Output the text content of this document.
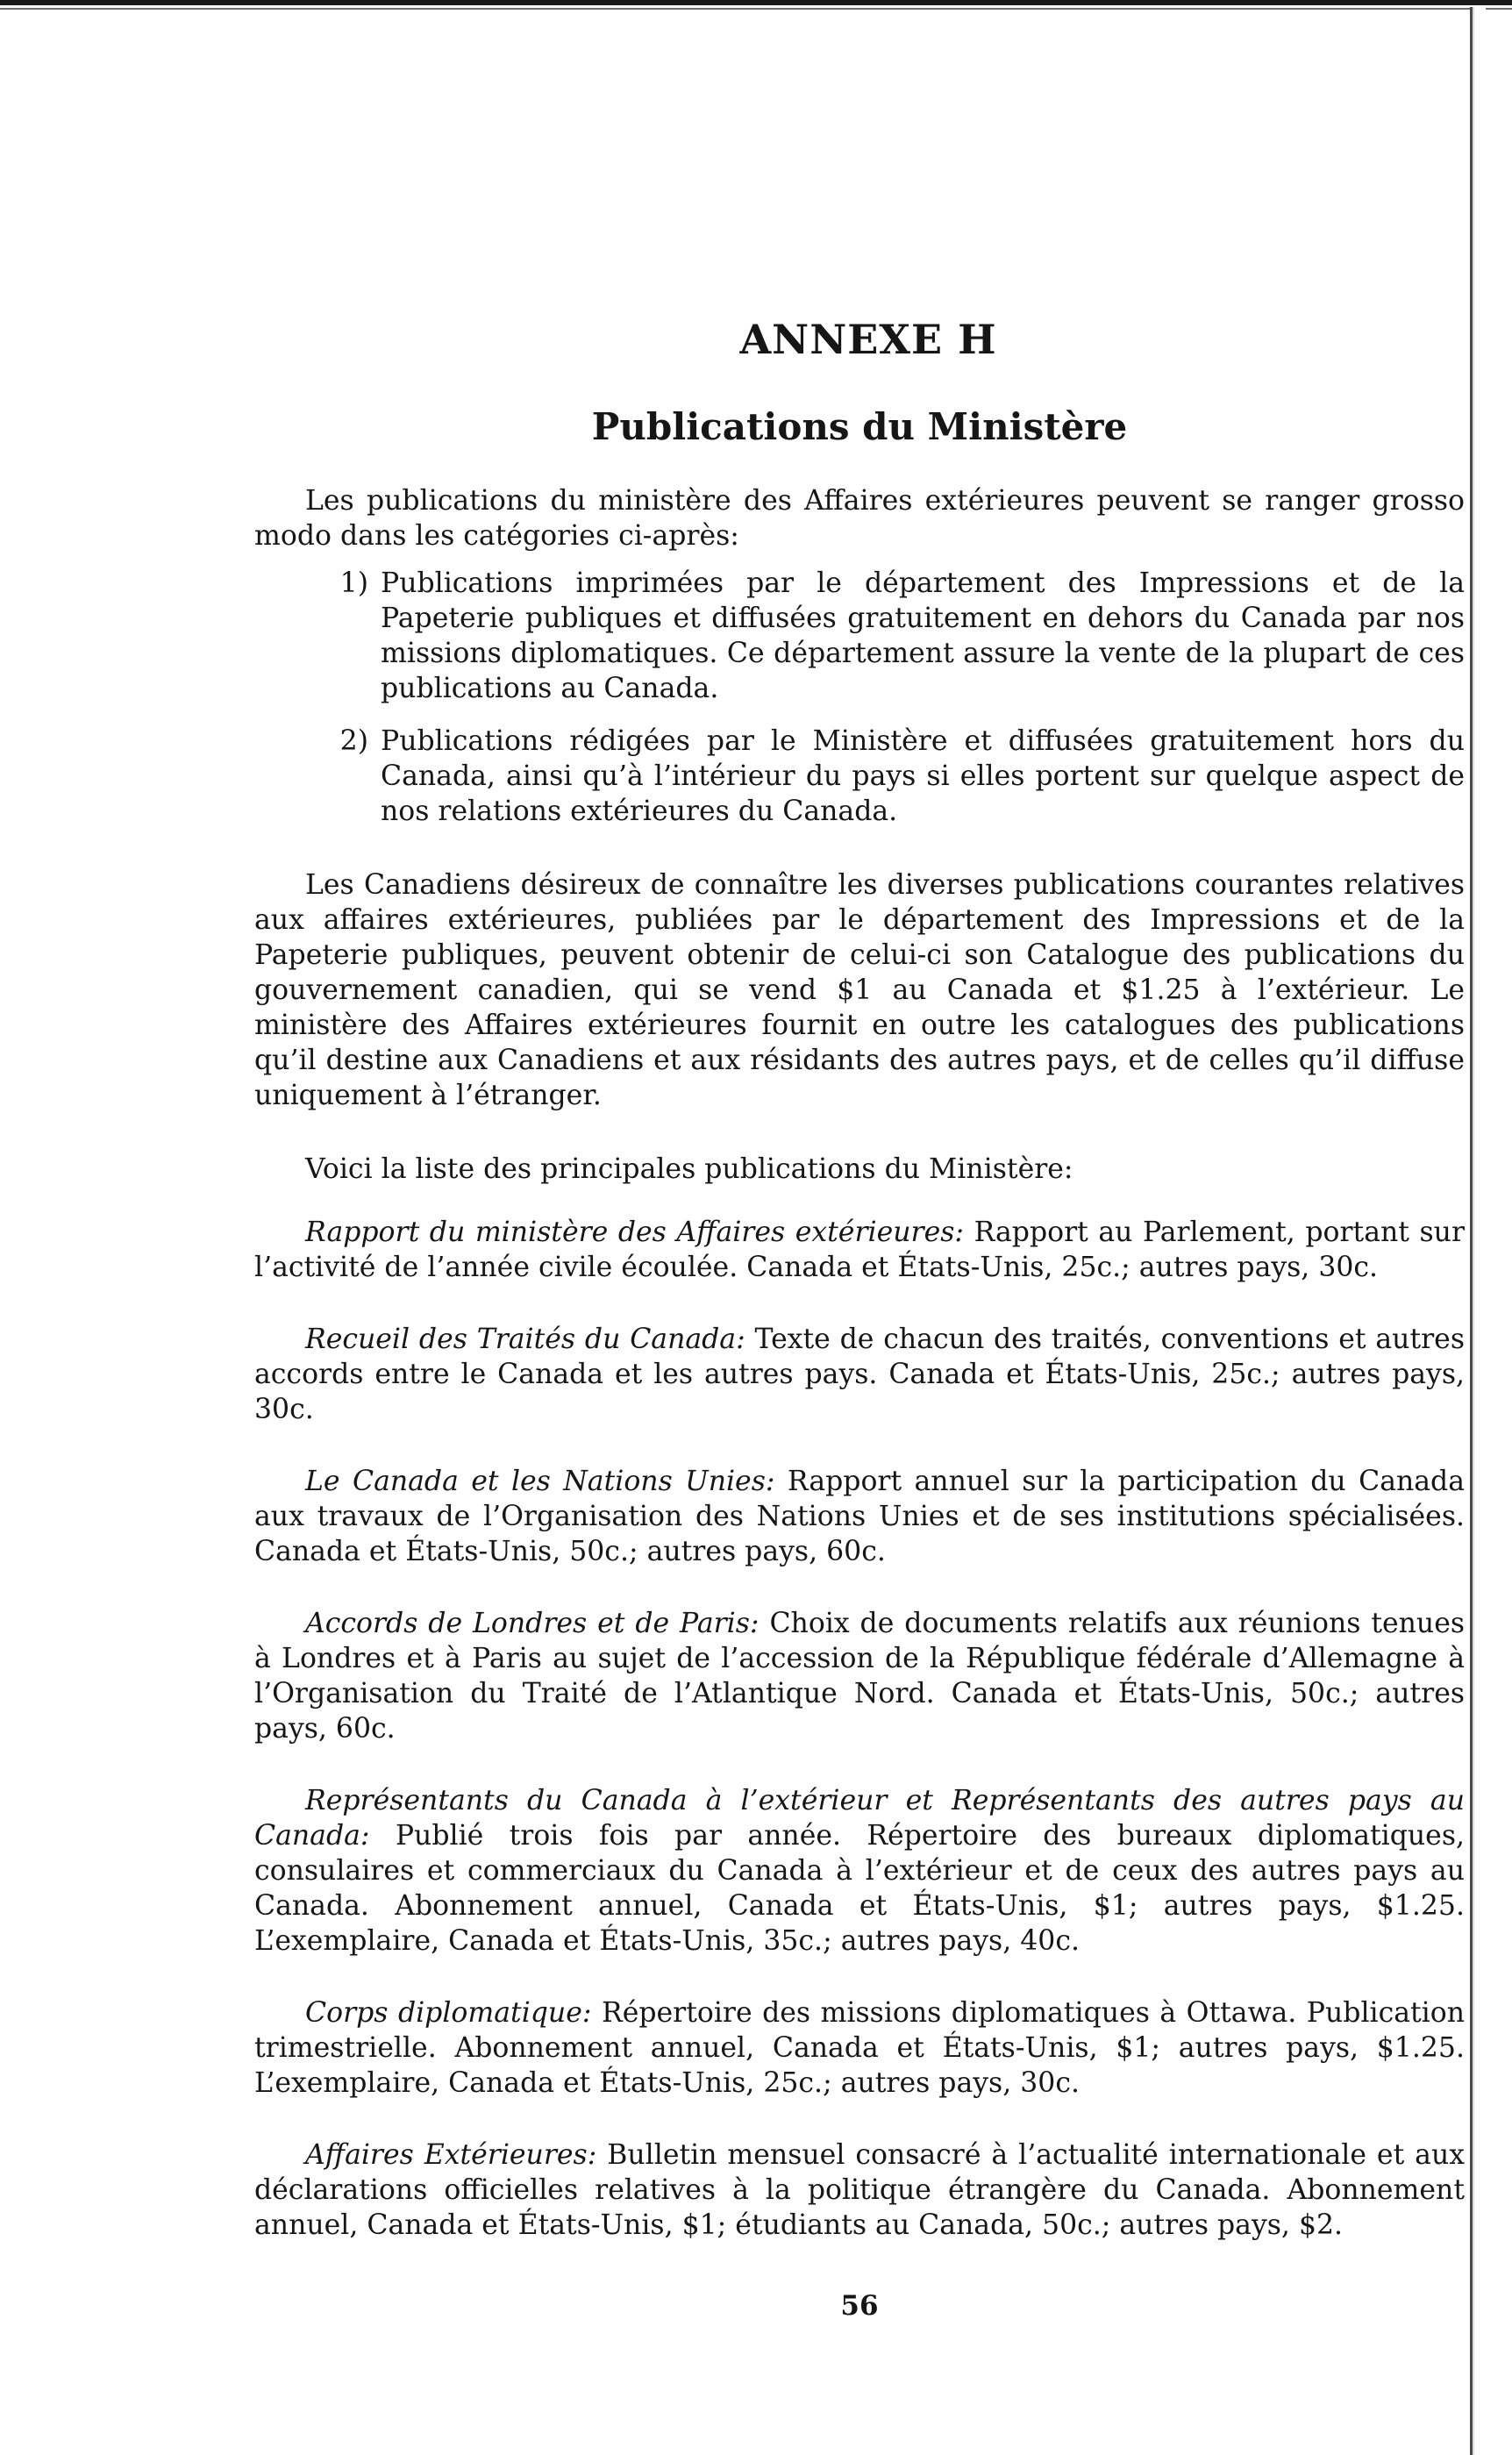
ANNEXE H
Publications du Ministère

Les publications du ministère des Affaires extérieures peuvent se ranger grosso modo dans les catégories ci-après:

1) Publications imprimées par le département des Impressions et de la Papeterie publiques et diffusées gratuitement en dehors du Canada par nos missions diplomatiques. Ce département assure la vente de la plupart de ces publications au Canada.
2) Publications rédigées par le Ministère et diffusées gratuitement hors du Canada, ainsi qu’à l’intérieur du pays si elles portent sur quelque aspect de nos relations extérieures du Canada.

Les Canadiens désireux de connaître les diverses publications courantes relatives aux affaires extérieures, publiées par le département des Impressions et de la Papeterie publiques, peuvent obtenir de celui-ci son Catalogue des publications du gouvernement canadien, qui se vend $1 au Canada et $1.25 à l’extérieur. Le ministère des Affaires extérieures fournit en outre les catalogues des publications qu’il destine aux Canadiens et aux résidants des autres pays, et de celles qu’il diffuse uniquement à l’étranger.

Voici la liste des principales publications du Ministère:

Rapport du ministère des Affaires extérieures: Rapport au Parlement, portant sur l’activité de l’année civile écoulée. Canada et États-Unis, 25c.; autres pays, 30c.

Recueil des Traités du Canada: Texte de chacun des traités, conventions et autres accords entre le Canada et les autres pays. Canada et États-Unis, 25c.; autres pays, 30c.

Le Canada et les Nations Unies: Rapport annuel sur la participation du Canada aux travaux de l’Organisation des Nations Unies et de ses institutions spécialisées. Canada et États-Unis, 50c.; autres pays, 60c.

Accords de Londres et de Paris: Choix de documents relatifs aux réunions tenues à Londres et à Paris au sujet de l’accession de la République fédérale d’Allemagne à l’Organisation du Traité de l’Atlantique Nord. Canada et États-Unis, 50c.; autres pays, 60c.

Représentants du Canada à l’extérieur et Représentants des autres pays au Canada: Publié trois fois par année. Répertoire des bureaux diplomatiques, consulaires et commerciaux du Canada à l’extérieur et de ceux des autres pays au Canada. Abonnement annuel, Canada et États-Unis, $1; autres pays, $1.25. L’exemplaire, Canada et États-Unis, 35c.; autres pays, 40c.

Corps diplomatique: Répertoire des missions diplomatiques à Ottawa. Publication trimestrielle. Abonnement annuel, Canada et États-Unis, $1; autres pays, $1.25. L’exemplaire, Canada et États-Unis, 25c.; autres pays, 30c.

Affaires Extérieures: Bulletin mensuel consacré à l’actualité internationale et aux déclarations officielles relatives à la politique étrangère du Canada. Abonnement annuel, Canada et États-Unis, $1; étudiants au Canada, 50c.; autres pays, $2.

56
